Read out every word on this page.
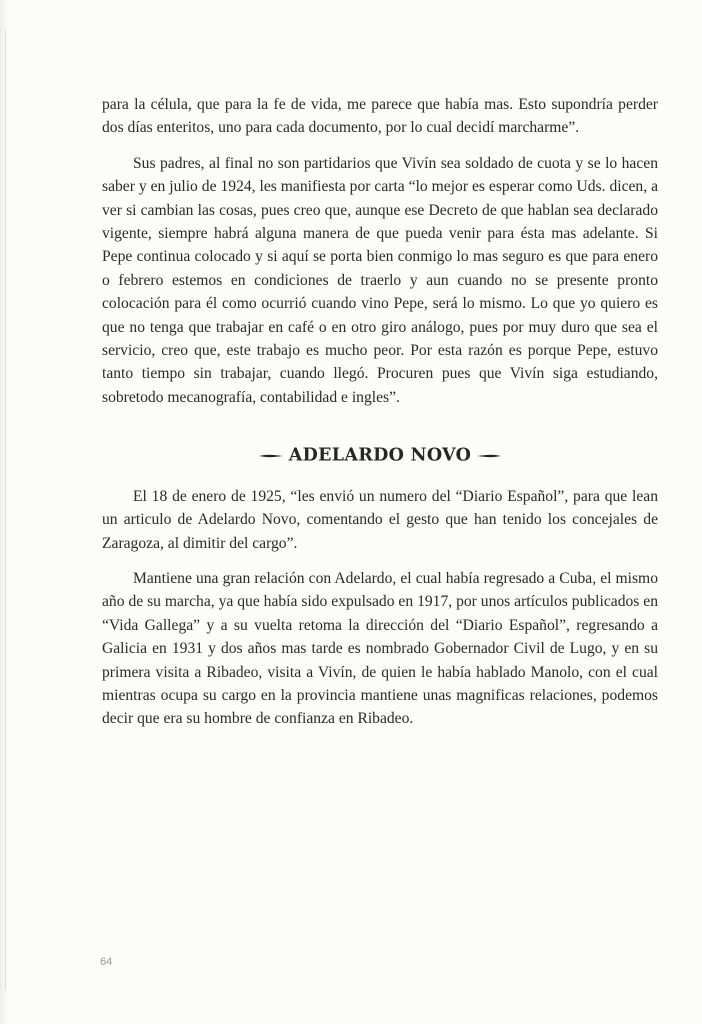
para la célula, que para la fe de vida, me parece que había mas. Esto supondría perder dos días enteritos, uno para cada documento, por lo cual decidí marcharme”.

Sus padres, al final no son partidarios que Vivín sea soldado de cuota y se lo hacen saber y en julio de 1924, les manifiesta por carta “lo mejor es esperar como Uds. dicen, a ver si cambian las cosas, pues creo que, aunque ese Decreto de que hablan sea declarado vigente, siempre habrá alguna manera de que pueda venir para ésta mas adelante. Si Pepe continua colocado y si aquí se porta bien conmigo lo mas seguro es que para enero o febrero estemos en condiciones de traerlo y aun cuando no se presente pronto colocación para él como ocurrió cuando vino Pepe, será lo mismo. Lo que yo quiero es que no tenga que trabajar en café o en otro giro análogo, pues por muy duro que sea el servicio, creo que, este trabajo es mucho peor. Por esta razón es porque Pepe, estuvo tanto tiempo sin trabajar, cuando llegó. Procuren pues que Vivín siga estudiando, sobretodo mecanografía, contabilidad e ingles”.

ADELARDO NOVO

El 18 de enero de 1925, “les envió un numero del “Diario Español”, para que lean un articulo de Adelardo Novo, comentando el gesto que han tenido los concejales de Zaragoza, al dimitir del cargo”.

Mantiene una gran relación con Adelardo, el cual había regresado a Cuba, el mismo año de su marcha, ya que había sido expulsado en 1917, por unos artículos publicados en “Vida Gallega” y a su vuelta retoma la dirección del “Diario Español”, regresando a Galicia en 1931 y dos años mas tarde es nombrado Gobernador Civil de Lugo, y en su primera visita a Ribadeo, visita a Vivín, de quien le había hablado Manolo, con el cual mientras ocupa su cargo en la provincia mantiene unas magnificas relaciones, podemos decir que era su hombre de confianza en Ribadeo.

64
